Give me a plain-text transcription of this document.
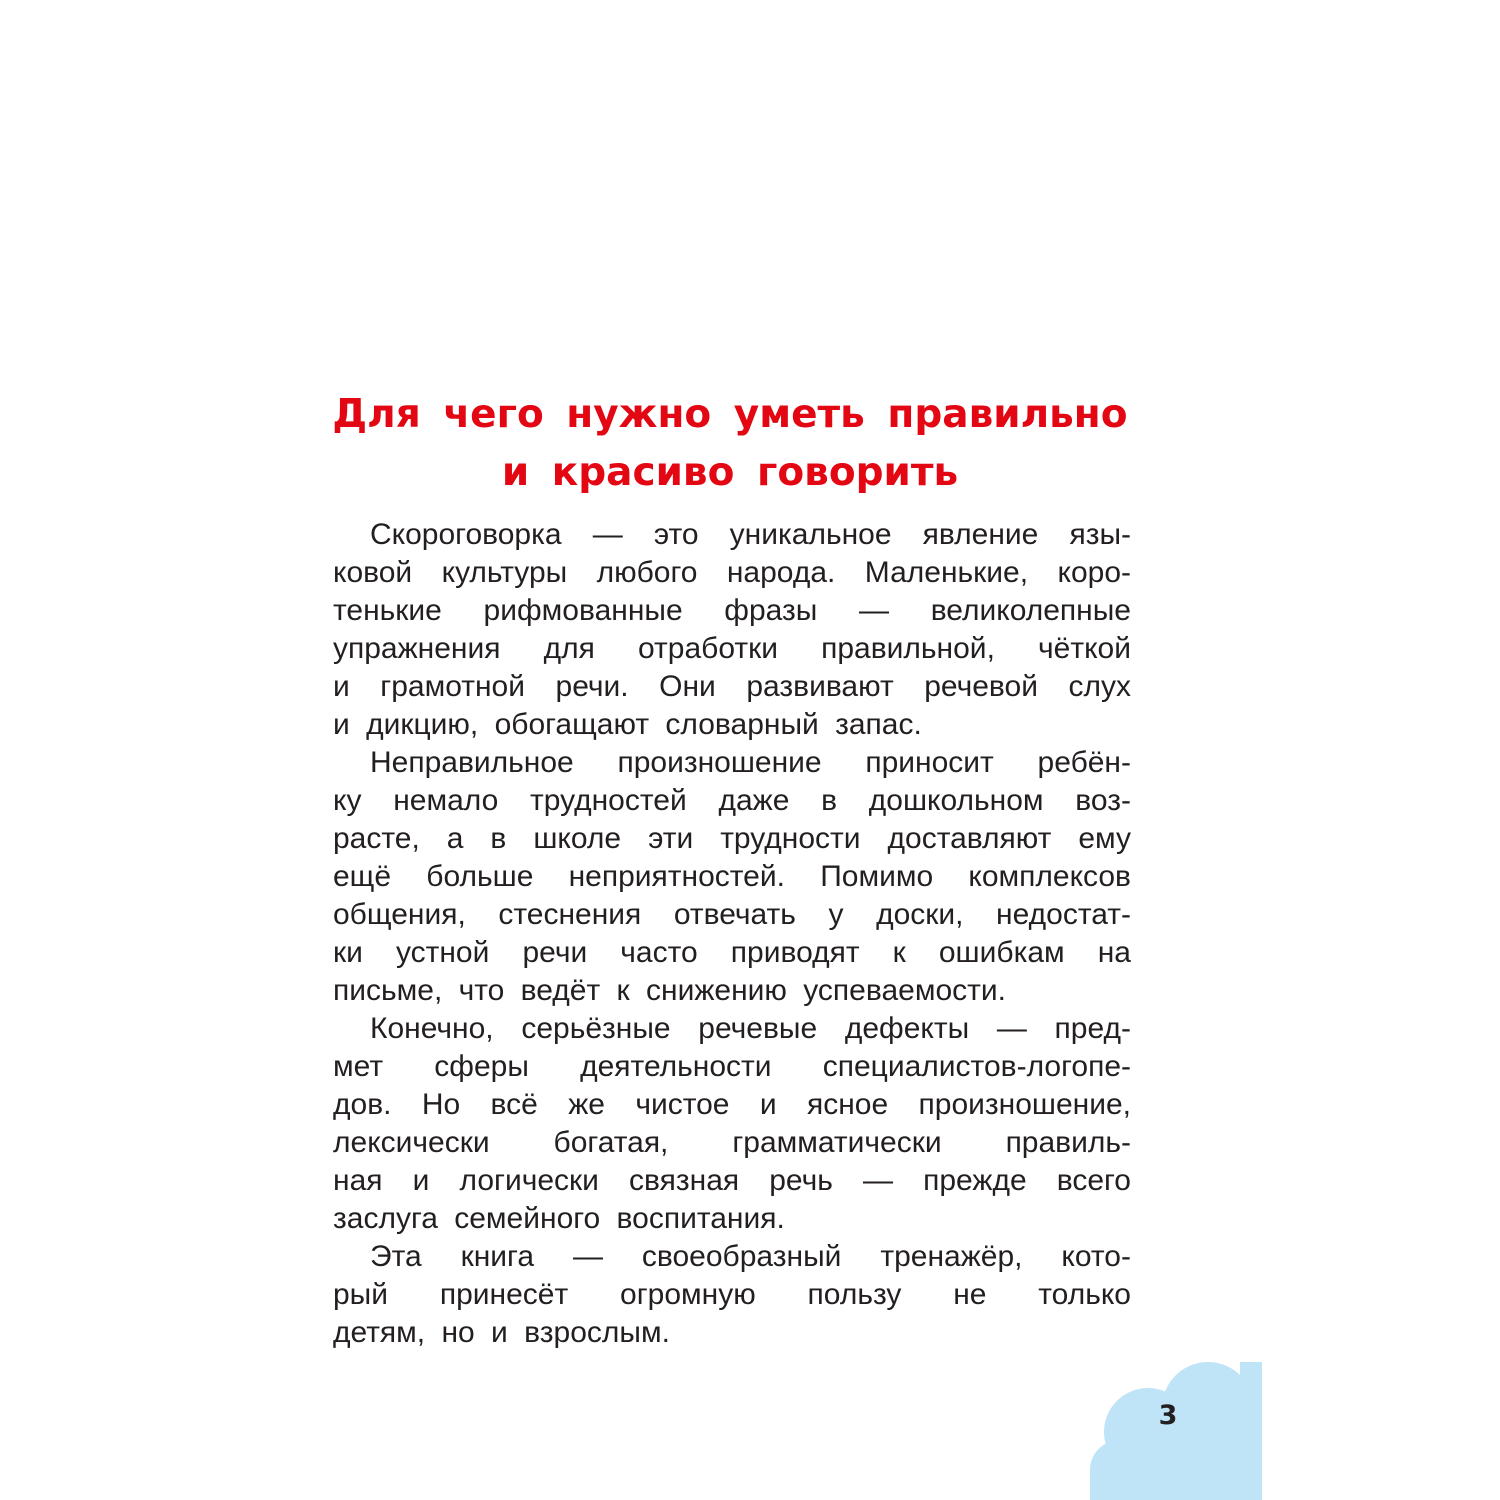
Для чего нужно уметь правильно
и красиво говорить
Скороговорка — это уникальное явление язы-
ковой культуры любого народа. Маленькие, коро-
тенькие рифмованные фразы — великолепные
упражнения для отработки правильной, чёткой
и грамотной речи. Они развивают речевой слух
и дикцию, обогащают словарный запас.
Неправильное произношение приносит ребён-
ку немало трудностей даже в дошкольном воз-
расте, а в школе эти трудности доставляют ему
ещё больше неприятностей. Помимо комплексов
общения, стеснения отвечать у доски, недостат-
ки устной речи часто приводят к ошибкам на
письме, что ведёт к снижению успеваемости.
Конечно, серьёзные речевые дефекты — пред-
мет сферы деятельности специалистов-логопе-
дов. Но всё же чистое и ясное произношение,
лексически богатая, грамматически правиль-
ная и логически связная речь — прежде всего
заслуга семейного воспитания.
Эта книга — своеобразный тренажёр, кото-
рый принесёт огромную пользу не только
детям, но и взрослым.
3
